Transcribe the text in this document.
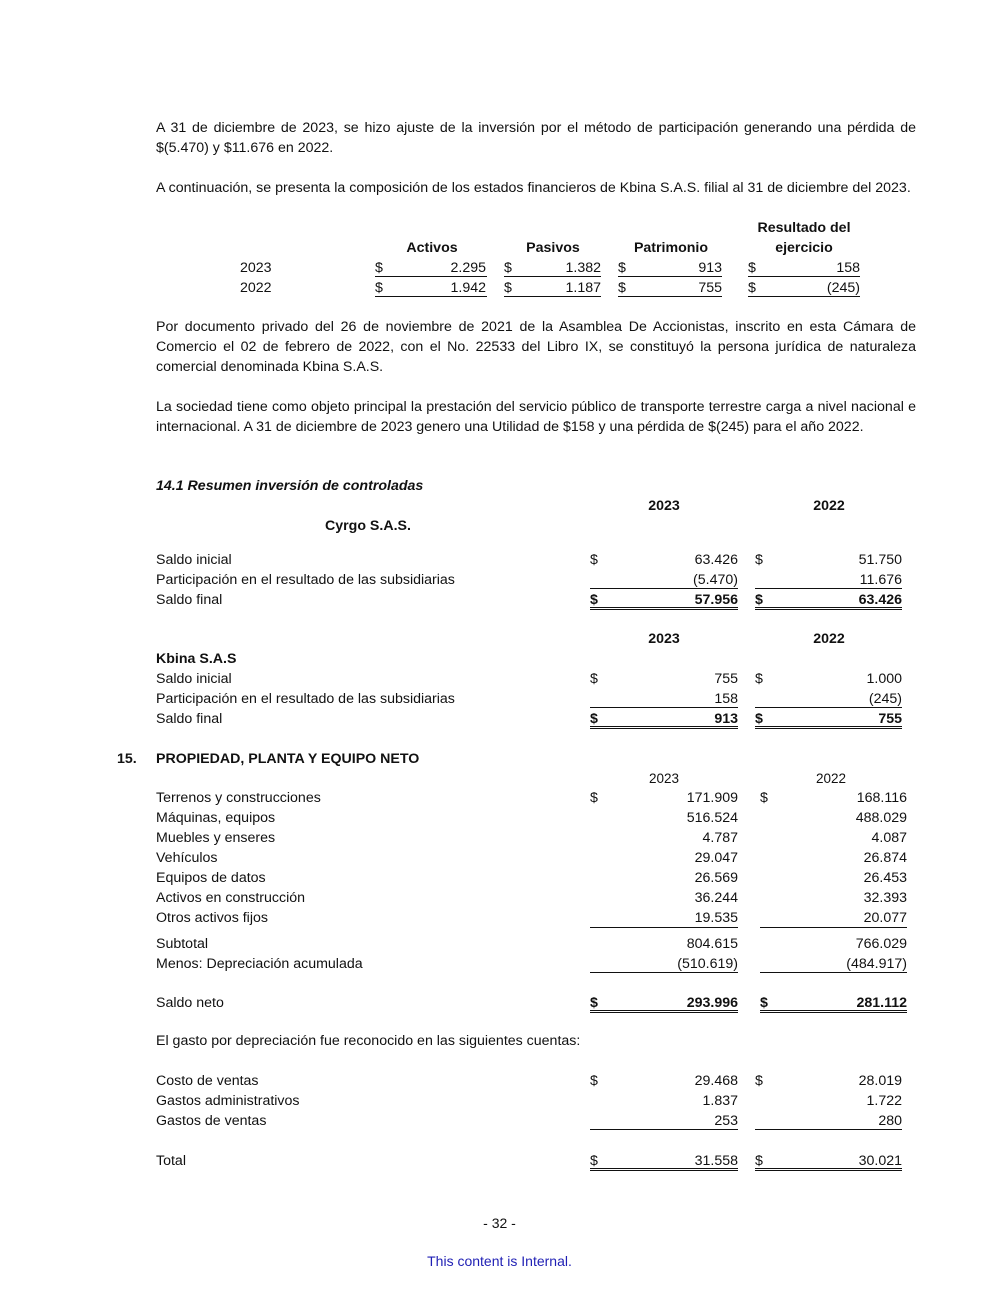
A 31 de diciembre de 2023, se hizo ajuste de la inversión por el método de participación generando una pérdida de $(5.470) y $11.676 en 2022.
A continuación, se presenta la composición de los estados financieros de Kbina S.A.S. filial al 31 de diciembre del 2023.
Resultado del
Activos	Pasivos	Patrimonio	ejercicio
2023	$	2.295 $	1.382 $	913 $	158
2022	$	1.942 $	1.187 $	755 $	(245)
Por documento privado del 26 de noviembre de 2021 de la Asamblea De Accionistas, inscrito en esta Cámara de Comercio el 02 de febrero de 2022, con el No. 22533 del Libro IX, se constituyó la persona jurídica de naturaleza comercial denominada Kbina S.A.S.
La sociedad tiene como objeto principal la prestación del servicio público de transporte terrestre carga a nivel nacional e internacional. A 31 de diciembre de 2023 genero una Utilidad de $158 y una pérdida de $(245) para el año 2022.
14.1 Resumen inversión de controladas
2023	2022
Cyrgo S.A.S.
Saldo inicial	$	63.426 $	51.750
Participación en el resultado de las subsidiarias	(5.470)	11.676
Saldo final	$	57.956 $	63.426
2023	2022
Kbina S.A.S
Saldo inicial	$	755 $	1.000
Participación en el resultado de las subsidiarias	158	(245)
Saldo final	$	913 $	755
15. PROPIEDAD, PLANTA Y EQUIPO NETO
2023	2022
Terrenos y construcciones	$	171.909 $	168.116
Máquinas, equipos	516.524	488.029
Muebles y enseres	4.787	4.087
Vehículos	29.047	26.874
Equipos de datos	26.569	26.453
Activos en construcción	36.244	32.393
Otros activos fijos	19.535	20.077
Subtotal	804.615	766.029
Menos: Depreciación acumulada	(510.619)	(484.917)
Saldo neto	$	293.996 $	281.112
El gasto por depreciación fue reconocido en las siguientes cuentas:
Costo de ventas	$	29.468 $	28.019
Gastos administrativos	1.837	1.722
Gastos de ventas	253	280
Total	$	31.558 $	30.021
- 32 -
This content is Internal.
